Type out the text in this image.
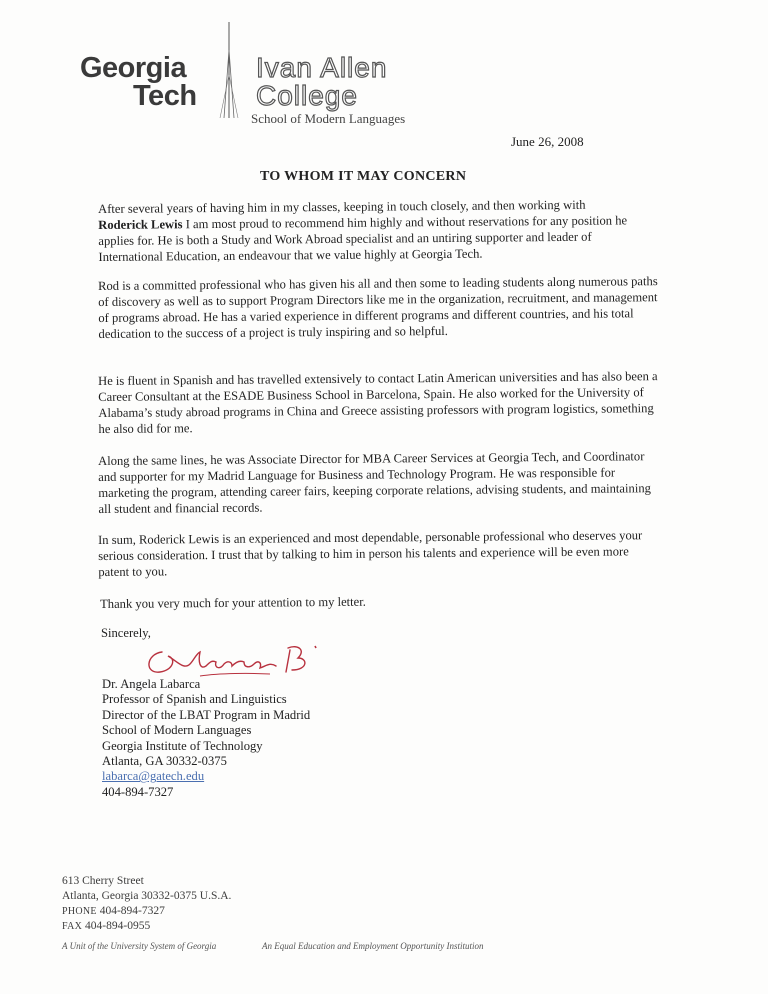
Georgia
Tech
Ivan Allen
College
School of Modern Languages
June 26, 2008
TO WHOM IT MAY CONCERN
After several years of having him in my classes, keeping in touch closely, and then working with
Roderick Lewis I am most proud to recommend him highly and without reservations for any position he applies for. He is both a Study and Work Abroad specialist and an untiring supporter and leader of International Education, an endeavour that we value highly at Georgia Tech.
Rod is a committed professional who has given his all and then some to leading students along numerous paths of discovery as well as to support Program Directors like me in the organization, recruitment, and management of programs abroad. He has a varied experience in different programs and different countries, and his total dedication to the success of a project is truly inspiring and so helpful.
He is fluent in Spanish and has travelled extensively to contact Latin American universities and has also been a Career Consultant at the ESADE Business School in Barcelona, Spain. He also worked for the University of Alabama’s study abroad programs in China and Greece assisting professors with program logistics, something he also did for me.
Along the same lines, he was Associate Director for MBA Career Services at Georgia Tech, and Coordinator and supporter for my Madrid Language for Business and Technology Program. He was responsible for marketing the program, attending career fairs, keeping corporate relations, advising students, and maintaining all student and financial records.
In sum, Roderick Lewis is an experienced and most dependable, personable professional who deserves your serious consideration. I trust that by talking to him in person his talents and experience will be even more patent to you.
Thank you very much for your attention to my letter.
Sincerely,
Dr. Angela Labarca
Professor of Spanish and Linguistics
Director of the LBAT Program in Madrid
School of Modern Languages
Georgia Institute of Technology
Atlanta, GA 30332-0375
labarca@gatech.edu
404-894-7327
613 Cherry Street
Atlanta, Georgia 30332-0375 U.S.A.
PHONE 404-894-7327
FAX 404-894-0955
A Unit of the University System of Georgia	An Equal Education and Employment Opportunity Institution
